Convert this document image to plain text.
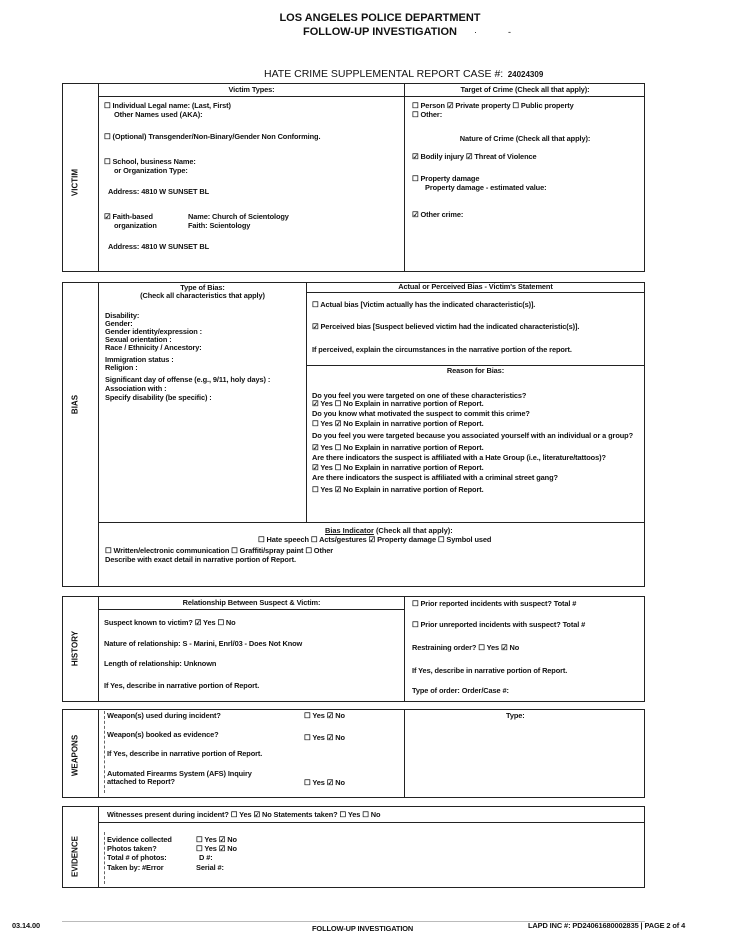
LOS ANGELES POLICE DEPARTMENT
FOLLOW-UP INVESTIGATION	·	-
HATE CRIME SUPPLEMENTAL REPORT CASE #: 24024309
VICTIM
Victim Types:
☐ Individual Legal name: (Last, First)
Other Names used (AKA):
☐ (Optional) Transgender/Non-Binary/Gender Non Conforming.
☐ School, business Name:
or Organization Type:
Address: 4810 W SUNSET BL
☑ Faith-based
organization
Name: Church of Scientology
Faith: Scientology
Address: 4810 W SUNSET BL
Target of Crime (Check all that apply):
☐ Person ☑ Private property ☐ Public property
☐ Other:
Nature of Crime (Check all that apply):
☑ Bodily injury ☑ Threat of Violence
☐ Property damage
Property damage - estimated value:
☑ Other crime:
BIAS
Type of Bias:
(Check all characteristics that apply)
Disability:
Gender:
Gender identity/expression :
Sexual orientation :
Race / Ethnicity / Ancestory:
Immigration status :
Religion :
Significant day of offense (e.g., 9/11, holy days) :
Association with :
Specify disability (be specific) :
Actual or Perceived Bias - Victim's Statement
☐ Actual bias [Victim actually has the indicated characteristic(s)].
☑ Perceived bias [Suspect believed victim had the indicated characteristic(s)].
If perceived, explain the circumstances in the narrative portion of the report.
Reason for Bias:
Do you feel you were targeted on one of these characteristics?
☑ Yes ☐ No Explain in narrative portion of Report.
Do you know what motivated the suspect to commit this crime?
☐ Yes ☑ No Explain in narrative portion of Report.
Do you feel you were targeted because you associated yourself with an individual or a group?
☑ Yes ☐ No Explain in narrative portion of Report.
Are there indicators the suspect is affiliated with a Hate Group (i.e., literature/tattoos)?
☑ Yes ☐ No Explain in narrative portion of Report.
Are there indicators the suspect is affiliated with a criminal street gang?
☐ Yes ☑ No Explain in narrative portion of Report.
Bias Indicator (Check all that apply):
☐ Hate speech ☐ Acts/gestures ☑ Property damage ☐ Symbol used
☐ Written/electronic communication ☐ Graffiti/spray paint ☐ Other
Describe with exact detail in narrative portion of Report.
HISTORY
Relationship Between Suspect & Victim:
Suspect known to victim? ☑ Yes ☐ No
Nature of relationship: S - Marini, Enrl/03 - Does Not Know
Length of relationship: Unknown
If Yes, describe in narrative portion of Report.
☐ Prior reported incidents with suspect? Total #
☐ Prior unreported incidents with suspect? Total #
Restraining order? ☐ Yes ☑ No
If Yes, describe in narrative portion of Report.
Type of order: Order/Case #:
WEAPONS
Weapon(s) used during incident?	☐ Yes ☑ No
Weapon(s) booked as evidence?	☐ Yes ☑ No
If Yes, describe in narrative portion of Report.
Automated Firearms System (AFS) Inquiry
attached to Report?	☐ Yes ☑ No
Type:
EVIDENCE
Witnesses present during incident? ☐ Yes ☑ No Statements taken? ☐ Yes ☐ No
Evidence collected	☐ Yes ☑ No
Photos taken?	☐ Yes ☑ No
Total # of photos:	D #:
Taken by: #Error	Serial #:
03.14.00	FOLLOW-UP INVESTIGATION	LAPD INC #: PD24061680002835 | PAGE 2 of 4
